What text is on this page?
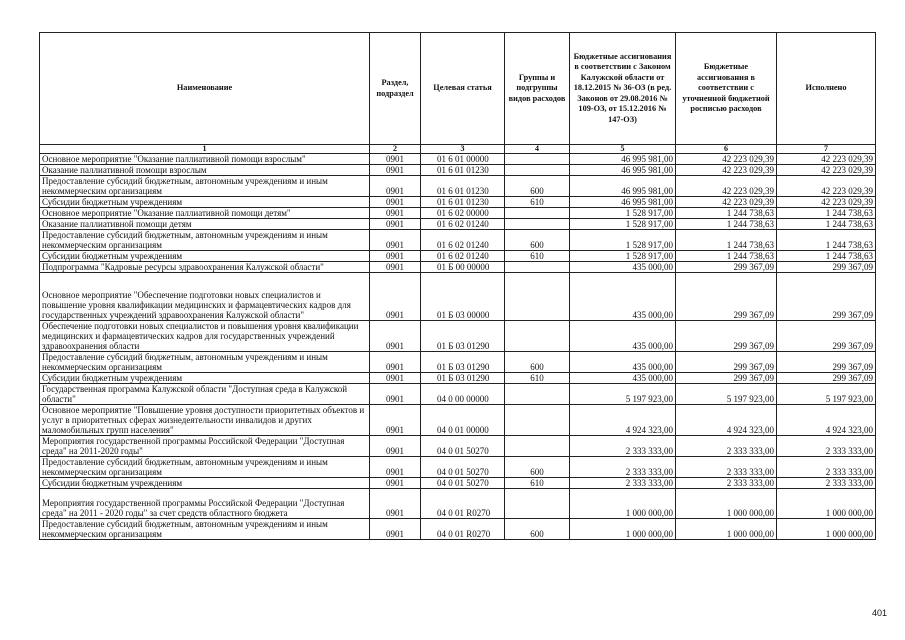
Наименование	Раздел, подраздел	Целевая статья	Группы и подгруппы видов расходов	Бюджетные ассигнования в соответствии с Законом Калужской области от 18.12.2015 № 36-ОЗ (в ред. Законов от 29.08.2016 № 109-ОЗ, от 15.12.2016 № 147-ОЗ)	Бюджетные ассигнования в соответствии с уточненной бюджетной росписью расходов	Исполнено
1	2	3	4	5	6	7
Основное мероприятие "Оказание паллиативной помощи взрослым"	0901	01 6 01 00000		46 995 981,00	42 223 029,39	42 223 029,39
Оказание паллиативной помощи взрослым	0901	01 6 01 01230		46 995 981,00	42 223 029,39	42 223 029,39
Предоставление субсидий бюджетным, автономным учреждениям и иным некоммерческим организациям	0901	01 6 01 01230	600	46 995 981,00	42 223 029,39	42 223 029,39
Субсидии бюджетным учреждениям	0901	01 6 01 01230	610	46 995 981,00	42 223 029,39	42 223 029,39
Основное мероприятие "Оказание паллиативной помощи детям"	0901	01 6 02 00000		1 528 917,00	1 244 738,63	1 244 738,63
Оказание паллиативной помощи детям	0901	01 6 02 01240		1 528 917,00	1 244 738,63	1 244 738,63
Предоставление субсидий бюджетным, автономным учреждениям и иным некоммерческим организациям	0901	01 6 02 01240	600	1 528 917,00	1 244 738,63	1 244 738,63
Субсидии бюджетным учреждениям	0901	01 6 02 01240	610	1 528 917,00	1 244 738,63	1 244 738,63
Подпрограмма "Кадровые ресурсы здравоохранения Калужской области"	0901	01 Б 00 00000		435 000,00	299 367,09	299 367,09
Основное мероприятие "Обеспечение подготовки новых специалистов и повышение уровня квалификации медицинских и фармацевтических кадров для государственных учреждений здравоохранения Калужской области"	0901	01 Б 03 00000		435 000,00	299 367,09	299 367,09
Обеспечение подготовки новых специалистов и повышения уровня квалификации медицинских и фармацевтических кадров для государственных учреждений здравоохранения области	0901	01 Б 03 01290		435 000,00	299 367,09	299 367,09
Предоставление субсидий бюджетным, автономным учреждениям и иным некоммерческим организациям	0901	01 Б 03 01290	600	435 000,00	299 367,09	299 367,09
Субсидии бюджетным учреждениям	0901	01 Б 03 01290	610	435 000,00	299 367,09	299 367,09
Государственная программа Калужской области "Доступная среда в Калужской области"	0901	04 0 00 00000		5 197 923,00	5 197 923,00	5 197 923,00
Основное мероприятие "Повышение уровня доступности приоритетных объектов и услуг в приоритетных сферах жизнедеятельности инвалидов и других маломобильных групп населения"	0901	04 0 01 00000		4 924 323,00	4 924 323,00	4 924 323,00
Мероприятия государственной программы Российской Федерации "Доступная среда" на 2011-2020 годы"	0901	04 0 01 50270		2 333 333,00	2 333 333,00	2 333 333,00
Предоставление субсидий бюджетным, автономным учреждениям и иным некоммерческим организациям	0901	04 0 01 50270	600	2 333 333,00	2 333 333,00	2 333 333,00
Субсидии бюджетным учреждениям	0901	04 0 01 50270	610	2 333 333,00	2 333 333,00	2 333 333,00
Мероприятия государственной программы Российской Федерации "Доступная среда" на 2011 - 2020 годы" за счет средств областного бюджета	0901	04 0 01 R0270		1 000 000,00	1 000 000,00	1 000 000,00
Предоставление субсидий бюджетным, автономным учреждениям и иным некоммерческим организациям	0901	04 0 01 R0270	600	1 000 000,00	1 000 000,00	1 000 000,00
401
